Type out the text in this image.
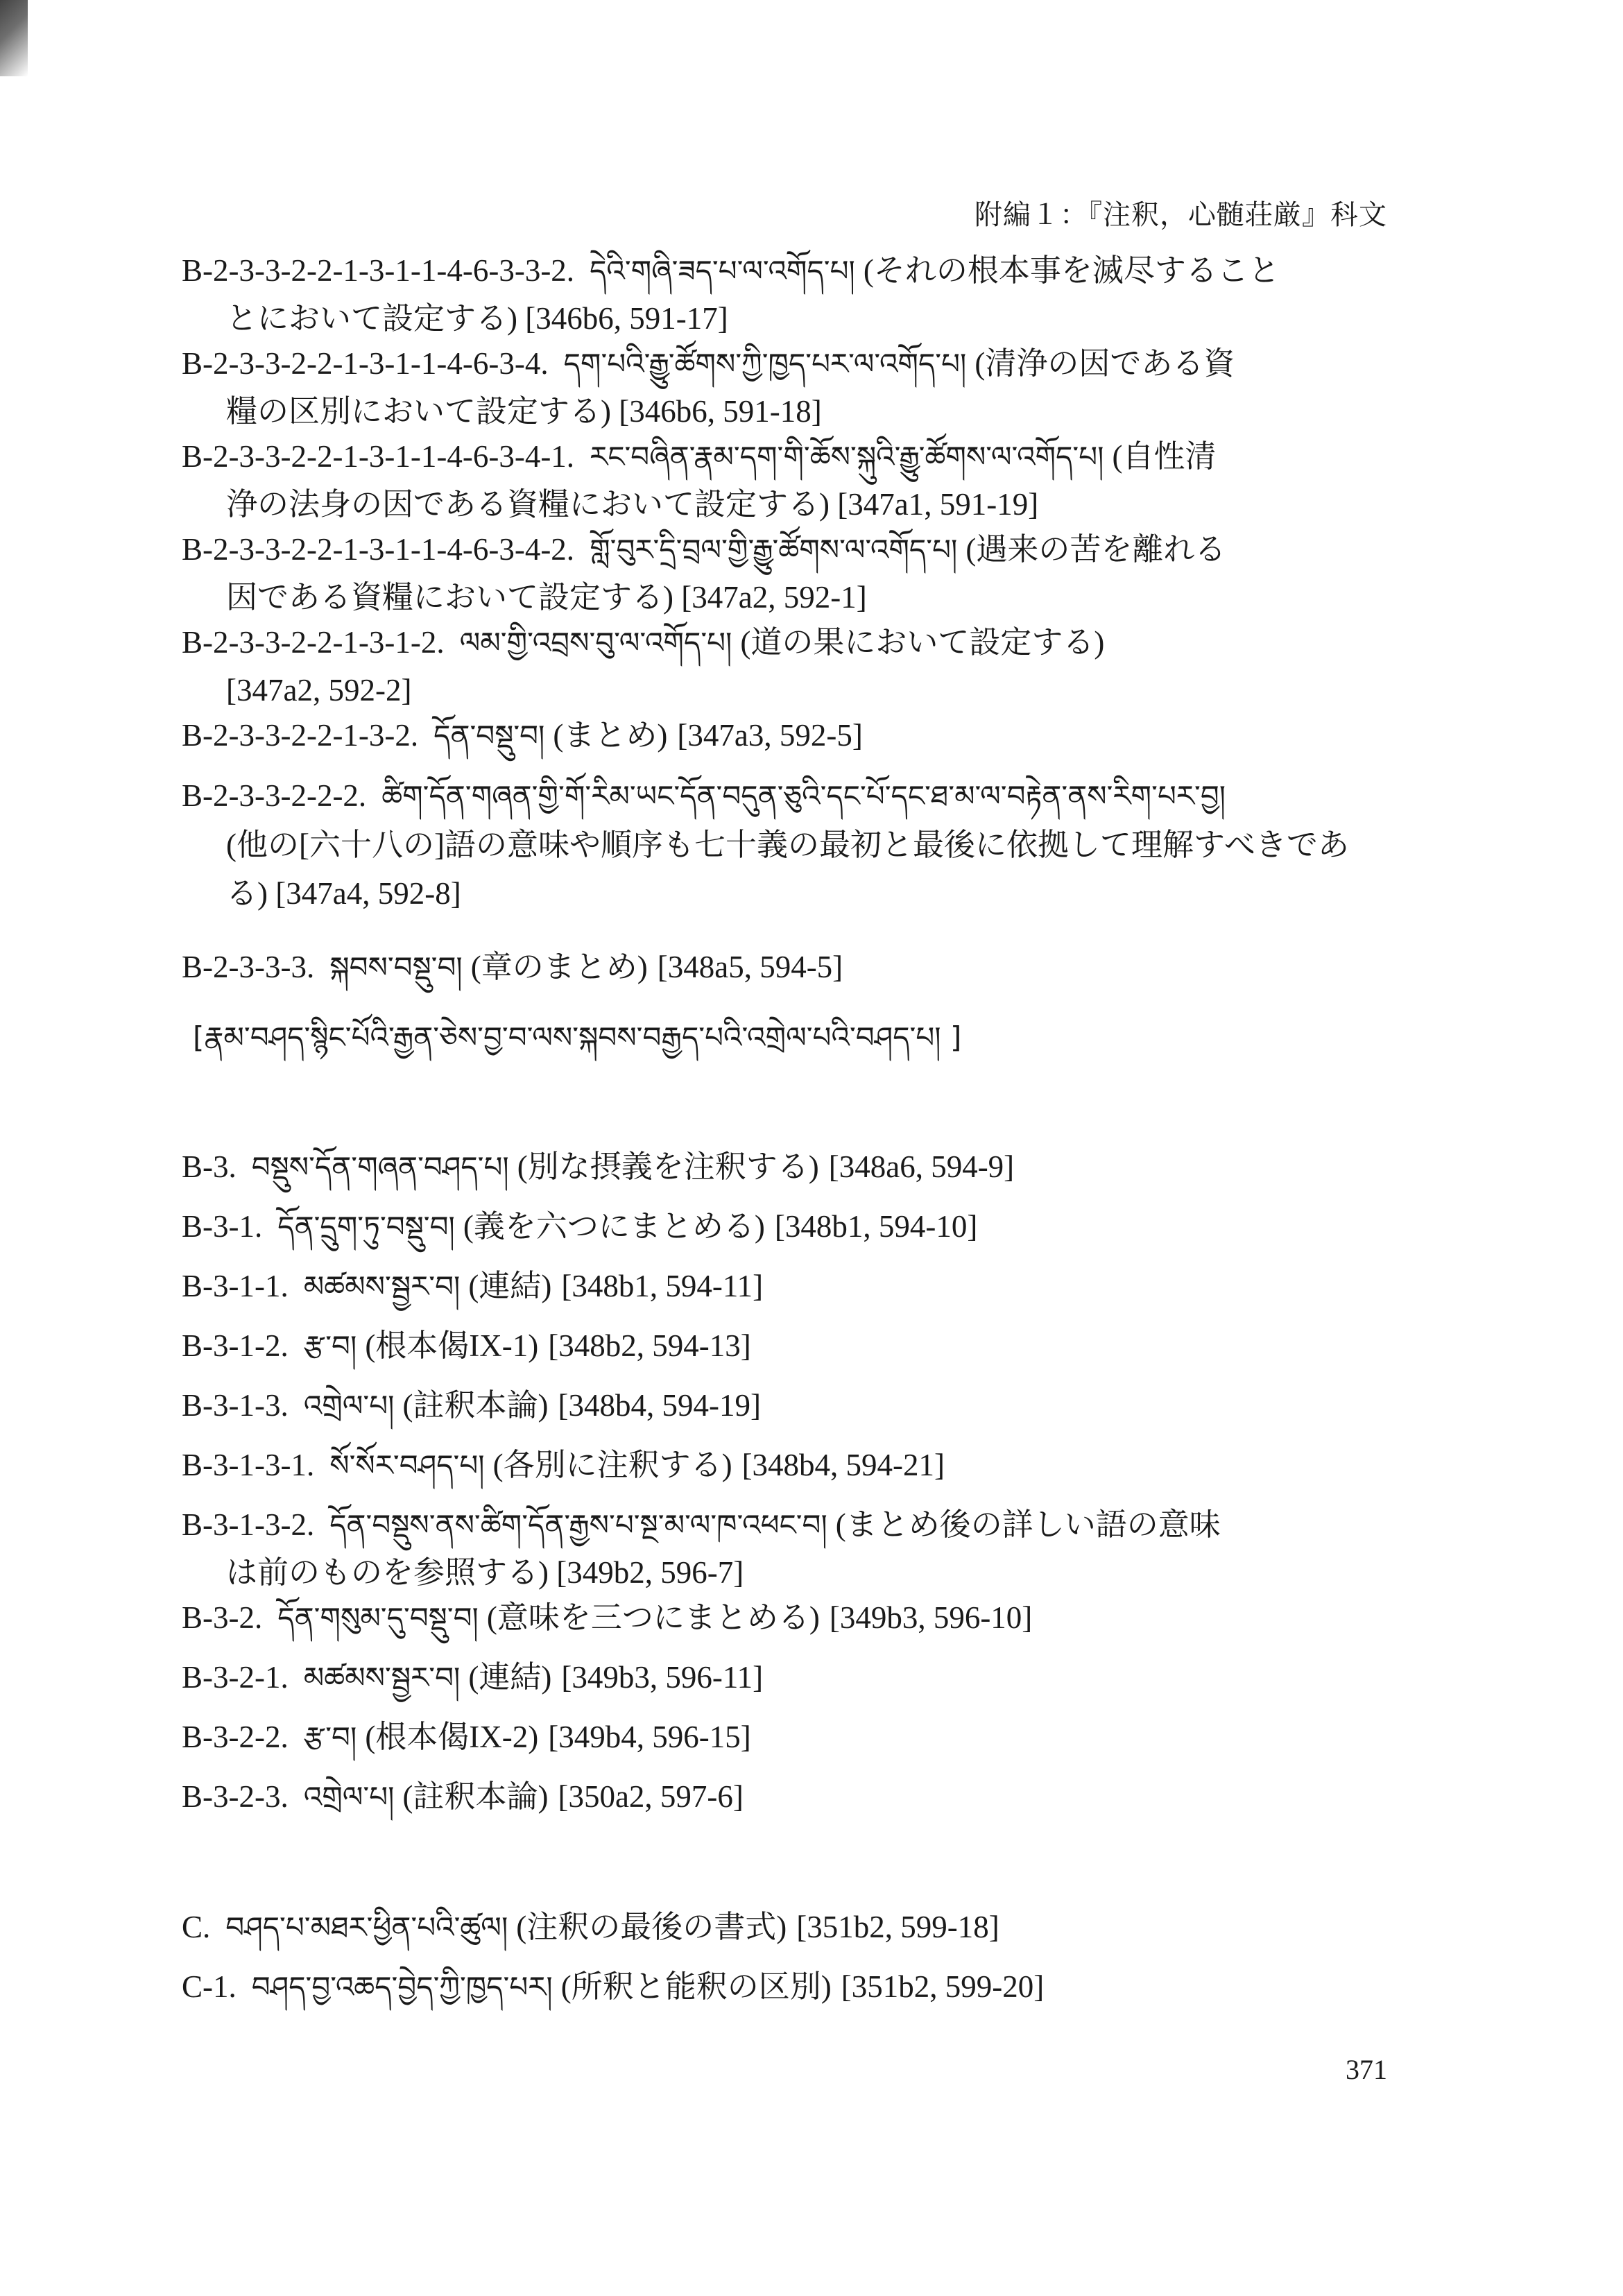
附編１：『注釈，心髄荘厳』科文
B-2-3-3-2-2-1-3-1-1-4-6-3-3-2. དེའི་གཞི་ཟད་པ་ལ་འགོད་པ། (それの根本事を滅尽すること
とにおいて設定する) [346b6, 591-17]
B-2-3-3-2-2-1-3-1-1-4-6-3-4. དག་པའི་རྒྱུ་ཚོགས་ཀྱི་ཁྱད་པར་ལ་འགོད་པ། (清浄の因である資
糧の区別において設定する) [346b6, 591-18]
B-2-3-3-2-2-1-3-1-1-4-6-3-4-1. རང་བཞིན་རྣམ་དག་གི་ཆོས་སྐུའི་རྒྱུ་ཚོགས་ལ་འགོད་པ། (自性清
浄の法身の因である資糧において設定する) [347a1, 591-19]
B-2-3-3-2-2-1-3-1-1-4-6-3-4-2. གློ་བུར་དྲི་བྲལ་གྱི་རྒྱུ་ཚོགས་ལ་འགོད་པ། (遇来の苦を離れる
因である資糧において設定する) [347a2, 592-1]
B-2-3-3-2-2-1-3-1-2. ལམ་གྱི་འབྲས་བུ་ལ་འགོད་པ། (道の果において設定する)
[347a2, 592-2]
B-2-3-3-2-2-1-3-2. དོན་བསྡུ་བ། (まとめ) [347a3, 592-5]
B-2-3-3-2-2-2. ཚིག་དོན་གཞན་གྱི་གོ་རིམ་ཡང་དོན་བདུན་ཅུའི་དང་པོ་དང་ཐ་མ་ལ་བརྟེན་ནས་རིག་པར་བྱ།
(他の[六十八の]語の意味や順序も七十義の最初と最後に依拠して理解すべきである) [347a4, 592-8]
B-2-3-3-3. སྐབས་བསྡུ་བ། (章のまとめ) [348a5, 594-5]
[རྣམ་བཤད་སྙིང་པོའི་རྒྱན་ཅེས་བྱ་བ་ལས་སྐབས་བརྒྱད་པའི་འགྲེལ་པའི་བཤད་པ། ]
B-3. བསྡུས་དོན་གཞན་བཤད་པ། (別な摂義を注釈する) [348a6, 594-9]
B-3-1. དོན་དྲུག་ཏུ་བསྡུ་བ། (義を六つにまとめる) [348b1, 594-10]
B-3-1-1. མཚམས་སྦྱར་བ། (連結) [348b1, 594-11]
B-3-1-2. རྩ་བ། (根本偈IX-1) [348b2, 594-13]
B-3-1-3. འགྲེལ་པ། (註釈本論) [348b4, 594-19]
B-3-1-3-1. སོ་སོར་བཤད་པ། (各別に注釈する) [348b4, 594-21]
B-3-1-3-2. དོན་བསྡུས་ནས་ཚིག་དོན་རྒྱས་པ་སྔ་མ་ལ་ཁ་འཕང་བ། (まとめ後の詳しい語の意味
は前のものを参照する) [349b2, 596-7]
B-3-2. དོན་གསུམ་དུ་བསྡུ་བ། (意味を三つにまとめる) [349b3, 596-10]
B-3-2-1. མཚམས་སྦྱར་བ། (連結) [349b3, 596-11]
B-3-2-2. རྩ་བ། (根本偈IX-2) [349b4, 596-15]
B-3-2-3. འགྲེལ་པ། (註釈本論) [350a2, 597-6]
C. བཤད་པ་མཐར་ཕྱིན་པའི་ཚུལ། (注釈の最後の書式) [351b2, 599-18]
C-1. བཤད་བྱ་འཆད་བྱེད་ཀྱི་ཁྱད་པར། (所釈と能釈の区別) [351b2, 599-20]
371
